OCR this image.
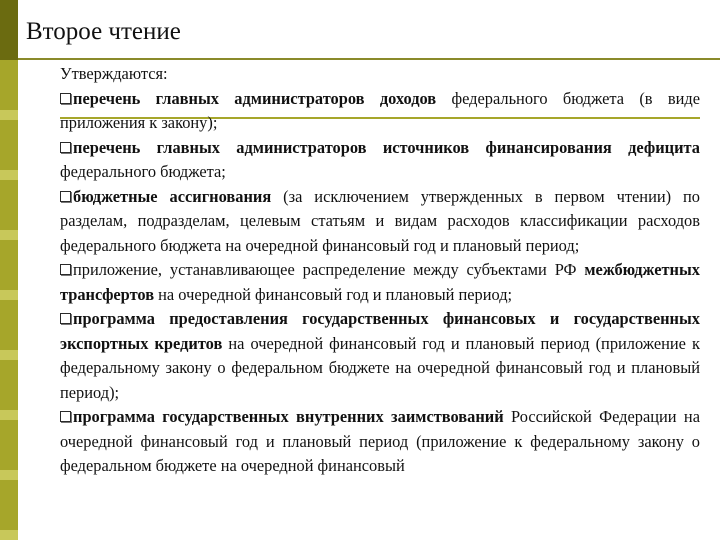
Второе чтение

Утверждаются:

перечень главных администраторов доходов федерального бюджета (в виде приложения к закону);

перечень главных администраторов источников финансирования дефицита федерального бюджета;

бюджетные ассигнования (за исключением утвержденных в первом чтении) по разделам, подразделам, целевым статьям и видам расходов классификации расходов федерального бюджета на очередной финансовый год и плановый период;

приложение, устанавливающее распределение между субъектами РФ межбюджетных трансфертов на очередной финансовый год и плановый период;

программа предоставления государственных финансовых и государственных экспортных кредитов на очередной финансовый год и плановый период (приложение к федеральному закону о федеральном бюджете на очередной финансовый год и плановый период);

программа государственных внутренних заимствований Российской Федерации на очередной финансовый год и плановый период (приложение к федеральному закону о федеральном бюджете на очередной финансовый
